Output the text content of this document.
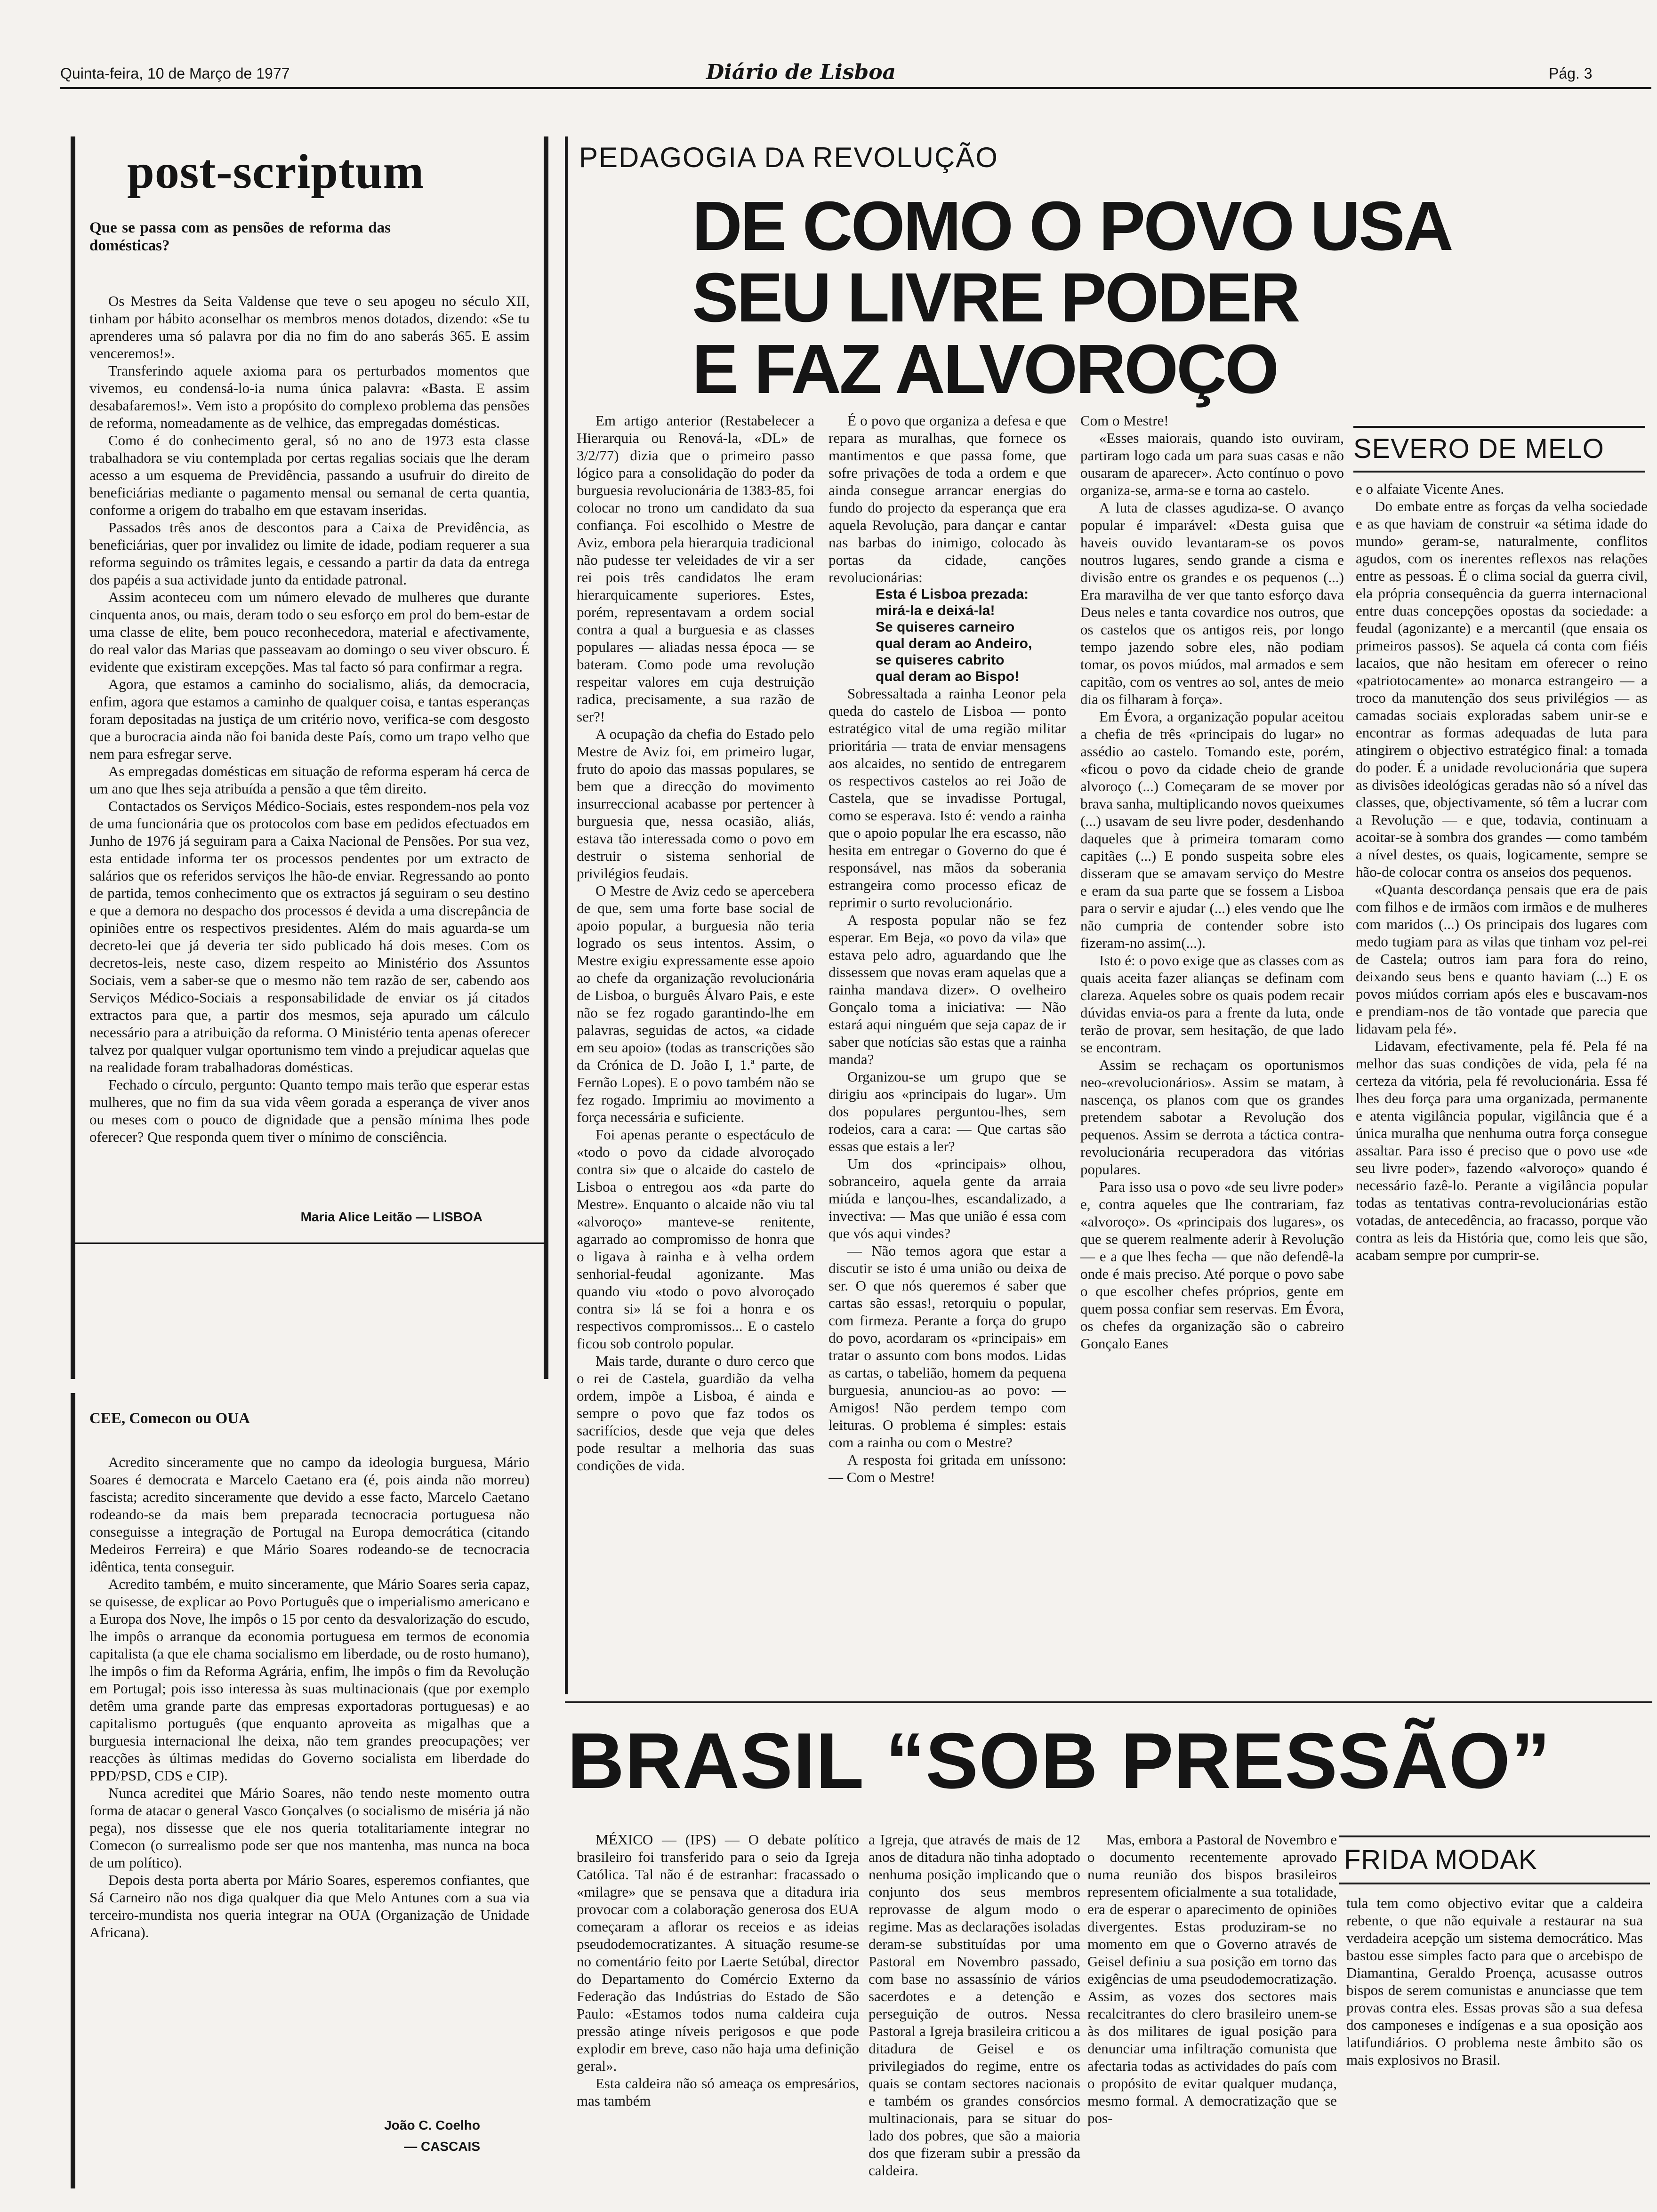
Quinta-feira, 10 de Março de 1977	Diário de Lisboa	Pág. 3
post-scriptum
Que se passa com as pensões de reforma das domésticas?

Os Mestres da Seita Valdense que teve o seu apogeu no século XII, tinham por hábito aconselhar os membros menos dotados, dizendo: «Se tu aprenderes uma só palavra por dia no fim do ano saberás 365. E assim venceremos!».

Transferindo aquele axioma para os perturbados momentos que vivemos, eu condensá-lo-ia numa única palavra: «Basta. E assim desabafaremos!». Vem isto a propósito do complexo problema das pensões de reforma, nomeadamente as de velhice, das empregadas domésticas.

Como é do conhecimento geral, só no ano de 1973 esta classe trabalhadora se viu contemplada por certas regalias sociais que lhe deram acesso a um esquema de Previdência, passando a usufruir do direito de beneficiárias mediante o pagamento mensal ou semanal de certa quantia, conforme a origem do trabalho em que estavam inseridas.

Passados três anos de descontos para a Caixa de Previdência, as beneficiárias, quer por invalidez ou limite de idade, podiam requerer a sua reforma seguindo os trâmites legais, e cessando a partir da data da entrega dos papéis a sua actividade junto da entidade patronal.

Assim aconteceu com um número elevado de mulheres que durante cinquenta anos, ou mais, deram todo o seu esforço em prol do bem-estar de uma classe de elite, bem pouco reconhecedora, material e afectivamente, do real valor das Marias que passeavam ao domingo o seu viver obscuro. É evidente que existiram excepções. Mas tal facto só para confirmar a regra.

Agora, que estamos a caminho do socialismo, aliás, da democracia, enfim, agora que estamos a caminho de qualquer coisa, e tantas esperanças foram depositadas na justiça de um critério novo, verifica-se com desgosto que a burocracia ainda não foi banida deste País, como um trapo velho que nem para esfregar serve.

As empregadas domésticas em situação de reforma esperam há cerca de um ano que lhes seja atribuída a pensão a que têm direito.

Contactados os Serviços Médico-Sociais, estes respondem-nos pela voz de uma funcionária que os protocolos com base em pedidos efectuados em Junho de 1976 já seguiram para a Caixa Nacional de Pensões. Por sua vez, esta entidade informa ter os processos pendentes por um extracto de salários que os referidos serviços lhe hão-de enviar. Regressando ao ponto de partida, temos conhecimento que os extractos já seguiram o seu destino e que a demora no despacho dos processos é devida a uma discrepância de opiniões entre os respectivos presidentes. Além do mais aguarda-se um decreto-lei que já deveria ter sido publicado há dois meses. Com os decretos-leis, neste caso, dizem respeito ao Ministério dos Assuntos Sociais, vem a saber-se que o mesmo não tem razão de ser, cabendo aos Serviços Médico-Sociais a responsabilidade de enviar os já citados extractos para que, a partir dos mesmos, seja apurado um cálculo necessário para a atribuição da reforma. O Ministério tenta apenas oferecer talvez por qualquer vulgar oportunismo tem vindo a prejudicar aquelas que na realidade foram trabalhadoras domésticas.

Fechado o círculo, pergunto: Quanto tempo mais terão que esperar estas mulheres, que no fim da sua vida vêem gorada a esperança de viver anos ou meses com o pouco de dignidade que a pensão mínima lhes pode oferecer? Que responda quem tiver o mínimo de consciência.

Maria Alice Leitão — LISBOA
CEE, Comecon ou OUA

Acredito sinceramente que no campo da ideologia burguesa, Mário Soares é democrata e Marcelo Caetano era (é, pois ainda não morreu) fascista; acredito sinceramente que devido a esse facto, Marcelo Caetano rodeando-se da mais bem preparada tecnocracia portuguesa não conseguisse a integração de Portugal na Europa democrática (citando Medeiros Ferreira) e que Mário Soares rodeando-se de tecnocracia idêntica, tenta conseguir.

Acredito também, e muito sinceramente, que Mário Soares seria capaz, se quisesse, de explicar ao Povo Português que o imperialismo americano e a Europa dos Nove, lhe impôs o 15 por cento da desvalorização do escudo, lhe impôs o arranque da economia portuguesa em termos de economia capitalista (a que ele chama socialismo em liberdade, ou de rosto humano), lhe impôs o fim da Reforma Agrária, enfim, lhe impôs o fim da Revolução em Portugal; pois isso interessa às suas multinacionais (que por exemplo detêm uma grande parte das empresas exportadoras portuguesas) e ao capitalismo português (que enquanto aproveita as migalhas que a burguesia internacional lhe deixa, não tem grandes preocupações; ver reacções às últimas medidas do Governo socialista em liberdade do PPD/PSD, CDS e CIP).

Nunca acreditei que Mário Soares, não tendo neste momento outra forma de atacar o general Vasco Gonçalves (o socialismo de miséria já não pega), nos dissesse que ele nos queria totalitariamente integrar no Comecon (o surrealismo pode ser que nos mantenha, mas nunca na boca de um político).

Depois desta porta aberta por Mário Soares, esperemos confiantes, que Sá Carneiro não nos diga qualquer dia que Melo Antunes com a sua via terceiro-mundista nos queria integrar na OUA (Organização de Unidade Africana).

João C. Coelho
— CASCAIS
PEDAGOGIA DA REVOLUÇÃO
DE COMO O POVO USA
SEU LIVRE PODER
E FAZ ALVOROÇO

Em artigo anterior (Restabelecer a Hierarquia ou Renová-la, «DL» de 3/2/77) dizia que o primeiro passo lógico para a consolidação do poder da burguesia revolucionária de 1383-85, foi colocar no trono um candidato da sua confiança. Foi escolhido o Mestre de Aviz, embora pela hierarquia tradicional não pudesse ter veleidades de vir a ser rei pois três candidatos lhe eram hierarquicamente superiores. Estes, porém, representavam a ordem social contra a qual a burguesia e as classes populares — aliadas nessa época — se bateram. Como pode uma revolução respeitar valores em cuja destruição radica, precisamente, a sua razão de ser?!

A ocupação da chefia do Estado pelo Mestre de Aviz foi, em primeiro lugar, fruto do apoio das massas populares, se bem que a direcção do movimento insurreccional acabasse por pertencer à burguesia que, nessa ocasião, aliás, estava tão interessada como o povo em destruir o sistema senhorial de privilégios feudais.

O Mestre de Aviz cedo se apercebera de que, sem uma forte base social de apoio popular, a burguesia não teria logrado os seus intentos. Assim, o Mestre exigiu expressamente esse apoio ao chefe da organização revolucionária de Lisboa, o burguês Álvaro Pais, e este não se fez rogado garantindo-lhe em palavras, seguidas de actos, «a cidade em seu apoio» (todas as transcrições são da Crónica de D. João I, 1.ª parte, de Fernão Lopes). E o povo também não se fez rogado. Imprimiu ao movimento a força necessária e suficiente.

Foi apenas perante o espectáculo de «todo o povo da cidade alvoroçado contra si» que o alcaide do castelo de Lisboa o entregou aos «da parte do Mestre». Enquanto o alcaide não viu tal «alvoroço» manteve-se renitente, agarrado ao compromisso de honra que o ligava à rainha e à velha ordem senhorial-feudal agonizante. Mas quando viu «todo o povo alvoroçado contra si» lá se foi a honra e os respectivos compromissos... E o castelo ficou sob controlo popular.

Mais tarde, durante o duro cerco que o rei de Castela, guardião da velha ordem, impõe a Lisboa, é ainda e sempre o povo que faz todos os sacrifícios, desde que veja que deles pode resultar a melhoria das suas condições de vida.

É o povo que organiza a defesa e que repara as muralhas, que fornece os mantimentos e que passa fome, que sofre privações de toda a ordem e que ainda consegue arrancar energias do fundo do projecto da esperança que era aquela Revolução, para dançar e cantar nas barbas do inimigo, colocado às portas da cidade, canções revolucionárias:

Esta é Lisboa prezada:

mirá-la e deixá-la!

Se quiseres carneiro

qual deram ao Andeiro,

se quiseres cabrito

qual deram ao Bispo!

Sobressaltada a rainha Leonor pela queda do castelo de Lisboa — ponto estratégico vital de uma região militar prioritária — trata de enviar mensagens aos alcaides, no sentido de entregarem os respectivos castelos ao rei João de Castela, que se invadisse Portugal, como se esperava. Isto é: vendo a rainha que o apoio popular lhe era escasso, não hesita em entregar o Governo do que é responsável, nas mãos da soberania estrangeira como processo eficaz de reprimir o surto revolucionário.

A resposta popular não se fez esperar. Em Beja, «o povo da vila» que estava pelo adro, aguardando que lhe dissessem que novas eram aquelas que a rainha mandava dizer». O ovelheiro Gonçalo toma a iniciativa: — Não estará aqui ninguém que seja capaz de ir saber que notícias são estas que a rainha manda?

Organizou-se um grupo que se dirigiu aos «principais do lugar». Um dos populares perguntou-lhes, sem rodeios, cara a cara: — Que cartas são essas que estais a ler?

Um dos «principais» olhou, sobranceiro, aquela gente da arraia miúda e lançou-lhes, escandalizado, a invectiva: — Mas que união é essa com que vós aqui vindes?

— Não temos agora que estar a discutir se isto é uma união ou deixa de ser. O que nós queremos é saber que cartas são essas!, retorquiu o popular, com firmeza. Perante a força do grupo do povo, acordaram os «principais» em tratar o assunto com bons modos. Lidas as cartas, o tabelião, homem da pequena burguesia, anunciou-as ao povo: — Amigos! Não perdem tempo com leituras. O problema é simples: estais com a rainha ou com o Mestre?

A resposta foi gritada em uníssono: — Com o Mestre!

Com o Mestre!

«Esses maiorais, quando isto ouviram, partiram logo cada um para suas casas e não ousaram de aparecer». Acto contínuo o povo organiza-se, arma-se e torna ao castelo.

A luta de classes agudiza-se. O avanço popular é imparável: «Desta guisa que haveis ouvido levantaram-se os povos noutros lugares, sendo grande a cisma e divisão entre os grandes e os pequenos (...) Era maravilha de ver que tanto esforço dava Deus neles e tanta covardice nos outros, que os castelos que os antigos reis, por longo tempo jazendo sobre eles, não podiam tomar, os povos miúdos, mal armados e sem capitão, com os ventres ao sol, antes de meio dia os filharam à força».

Em Évora, a organização popular aceitou a chefia de três «principais do lugar» no assédio ao castelo. Tomando este, porém, «ficou o povo da cidade cheio de grande alvoroço (...) Começaram de se mover por brava sanha, multiplicando novos queixumes (...) usavam de seu livre poder, desdenhando daqueles que à primeira tomaram como capitães (...) E pondo suspeita sobre eles disseram que se amavam serviço do Mestre e eram da sua parte que se fossem a Lisboa para o servir e ajudar (...) eles vendo que lhe não cumpria de contender sobre isto fizeram-no assim(...).

Isto é: o povo exige que as classes com as quais aceita fazer alianças se definam com clareza. Aqueles sobre os quais podem recair dúvidas envia-os para a frente da luta, onde terão de provar, sem hesitação, de que lado se encontram.

Assim se rechaçam os oportunismos neo-«revolucionários». Assim se matam, à nascença, os planos com que os grandes pretendem sabotar a Revolução dos pequenos. Assim se derrota a táctica contra-revolucionária recuperadora das vitórias populares.

Para isso usa o povo «de seu livre poder» e, contra aqueles que lhe contrariam, faz «alvoroço». Os «principais dos lugares», os que se querem realmente aderir à Revolução — e a que lhes fecha — que não defendê-la onde é mais preciso. Até porque o povo sabe o que escolher chefes próprios, gente em quem possa confiar sem reservas. Em Évora, os chefes da organização são o cabreiro Gonçalo Eanes

SEVERO DE MELO

e o alfaiate Vicente Anes.

Do embate entre as forças da velha sociedade e as que haviam de construir «a sétima idade do mundo» geram-se, naturalmente, conflitos agudos, com os inerentes reflexos nas relações entre as pessoas. É o clima social da guerra civil, ela própria consequência da guerra internacional entre duas concepções opostas da sociedade: a feudal (agonizante) e a mercantil (que ensaia os primeiros passos). Se aquela cá conta com fiéis lacaios, que não hesitam em oferecer o reino «patriotocamente» ao monarca estrangeiro — a troco da manutenção dos seus privilégios — as camadas sociais exploradas sabem unir-se e encontrar as formas adequadas de luta para atingirem o objectivo estratégico final: a tomada do poder. É a unidade revolucionária que supera as divisões ideológicas geradas não só a nível das classes, que, objectivamente, só têm a lucrar com a Revolução — e que, todavia, continuam a acoitar-se à sombra dos grandes — como também a nível destes, os quais, logicamente, sempre se hão-de colocar contra os anseios dos pequenos.

«Quanta descordança pensais que era de pais com filhos e de irmãos com irmãos e de mulheres com maridos (...) Os principais dos lugares com medo tugiam para as vilas que tinham voz pel-rei de Castela; outros iam para fora do reino, deixando seus bens e quanto haviam (...) E os povos miúdos corriam após eles e buscavam-nos e prendiam-nos de tão vontade que parecia que lidavam pela fé».

Lidavam, efectivamente, pela fé. Pela fé na melhor das suas condições de vida, pela fé na certeza da vitória, pela fé revolucionária. Essa fé lhes deu força para uma organizada, permanente e atenta vigilância popular, vigilância que é a única muralha que nenhuma outra força consegue assaltar. Para isso é preciso que o povo use «de seu livre poder», fazendo «alvoroço» quando é necessário fazê-lo. Perante a vigilância popular todas as tentativas contra-revolucionárias estão votadas, de antecedência, ao fracasso, porque vão contra as leis da História que, como leis que são, acabam sempre por cumprir-se.

BRASIL “SOB PRESSÃO”

MÉXICO — (IPS) — O debate político brasileiro foi transferido para o seio da Igreja Católica. Tal não é de estranhar: fracassado o «milagre» que se pensava que a ditadura iria provocar com a colaboração generosa dos EUA começaram a aflorar os receios e as ideias pseudodemocratizantes. A situação resume-se no comentário feito por Laerte Setúbal, director do Departamento do Comércio Externo da Federação das Indústrias do Estado de São Paulo: «Estamos todos numa caldeira cuja pressão atinge níveis perigosos e que pode explodir em breve, caso não haja uma definição geral».

Esta caldeira não só ameaça os empresários, mas também

a Igreja, que através de mais de 12 anos de ditadura não tinha adoptado nenhuma posição implicando que o conjunto dos seus membros reprovasse de algum modo o regime. Mas as declarações isoladas deram-se substituídas por uma Pastoral em Novembro passado, com base no assassínio de vários sacerdotes e a detenção e perseguição de outros. Nessa Pastoral a Igreja brasileira criticou a ditadura de Geisel e os privilegiados do regime, entre os quais se contam sectores nacionais e também os grandes consórcios multinacionais, para se situar do lado dos pobres, que são a maioria dos que fizeram subir a pressão da caldeira.

Mas, embora a Pastoral de Novembro e o documento recentemente aprovado numa reunião dos bispos brasileiros representem oficialmente a sua totalidade, era de esperar o aparecimento de opiniões divergentes. Estas produziram-se no momento em que o Governo através de Geisel definiu a sua posição em torno das exigências de uma pseudodemocratização. Assim, as vozes dos sectores mais recalcitrantes do clero brasileiro unem-se às dos militares de igual posição para denunciar uma infiltração comunista que afectaria todas as actividades do país com o propósito de evitar qualquer mudança, mesmo formal. A democratização que se pos-

FRIDA MODAK

tula tem como objectivo evitar que a caldeira rebente, o que não equivale a restaurar na sua verdadeira acepção um sistema democrático. Mas bastou esse simples facto para que o arcebispo de Diamantina, Geraldo Proença, acusasse outros bispos de serem comunistas e anunciasse que tem provas contra eles. Essas provas são a sua defesa dos camponeses e indígenas e a sua oposição aos latifundiários. O problema neste âmbito são os mais explosivos no Brasil.
